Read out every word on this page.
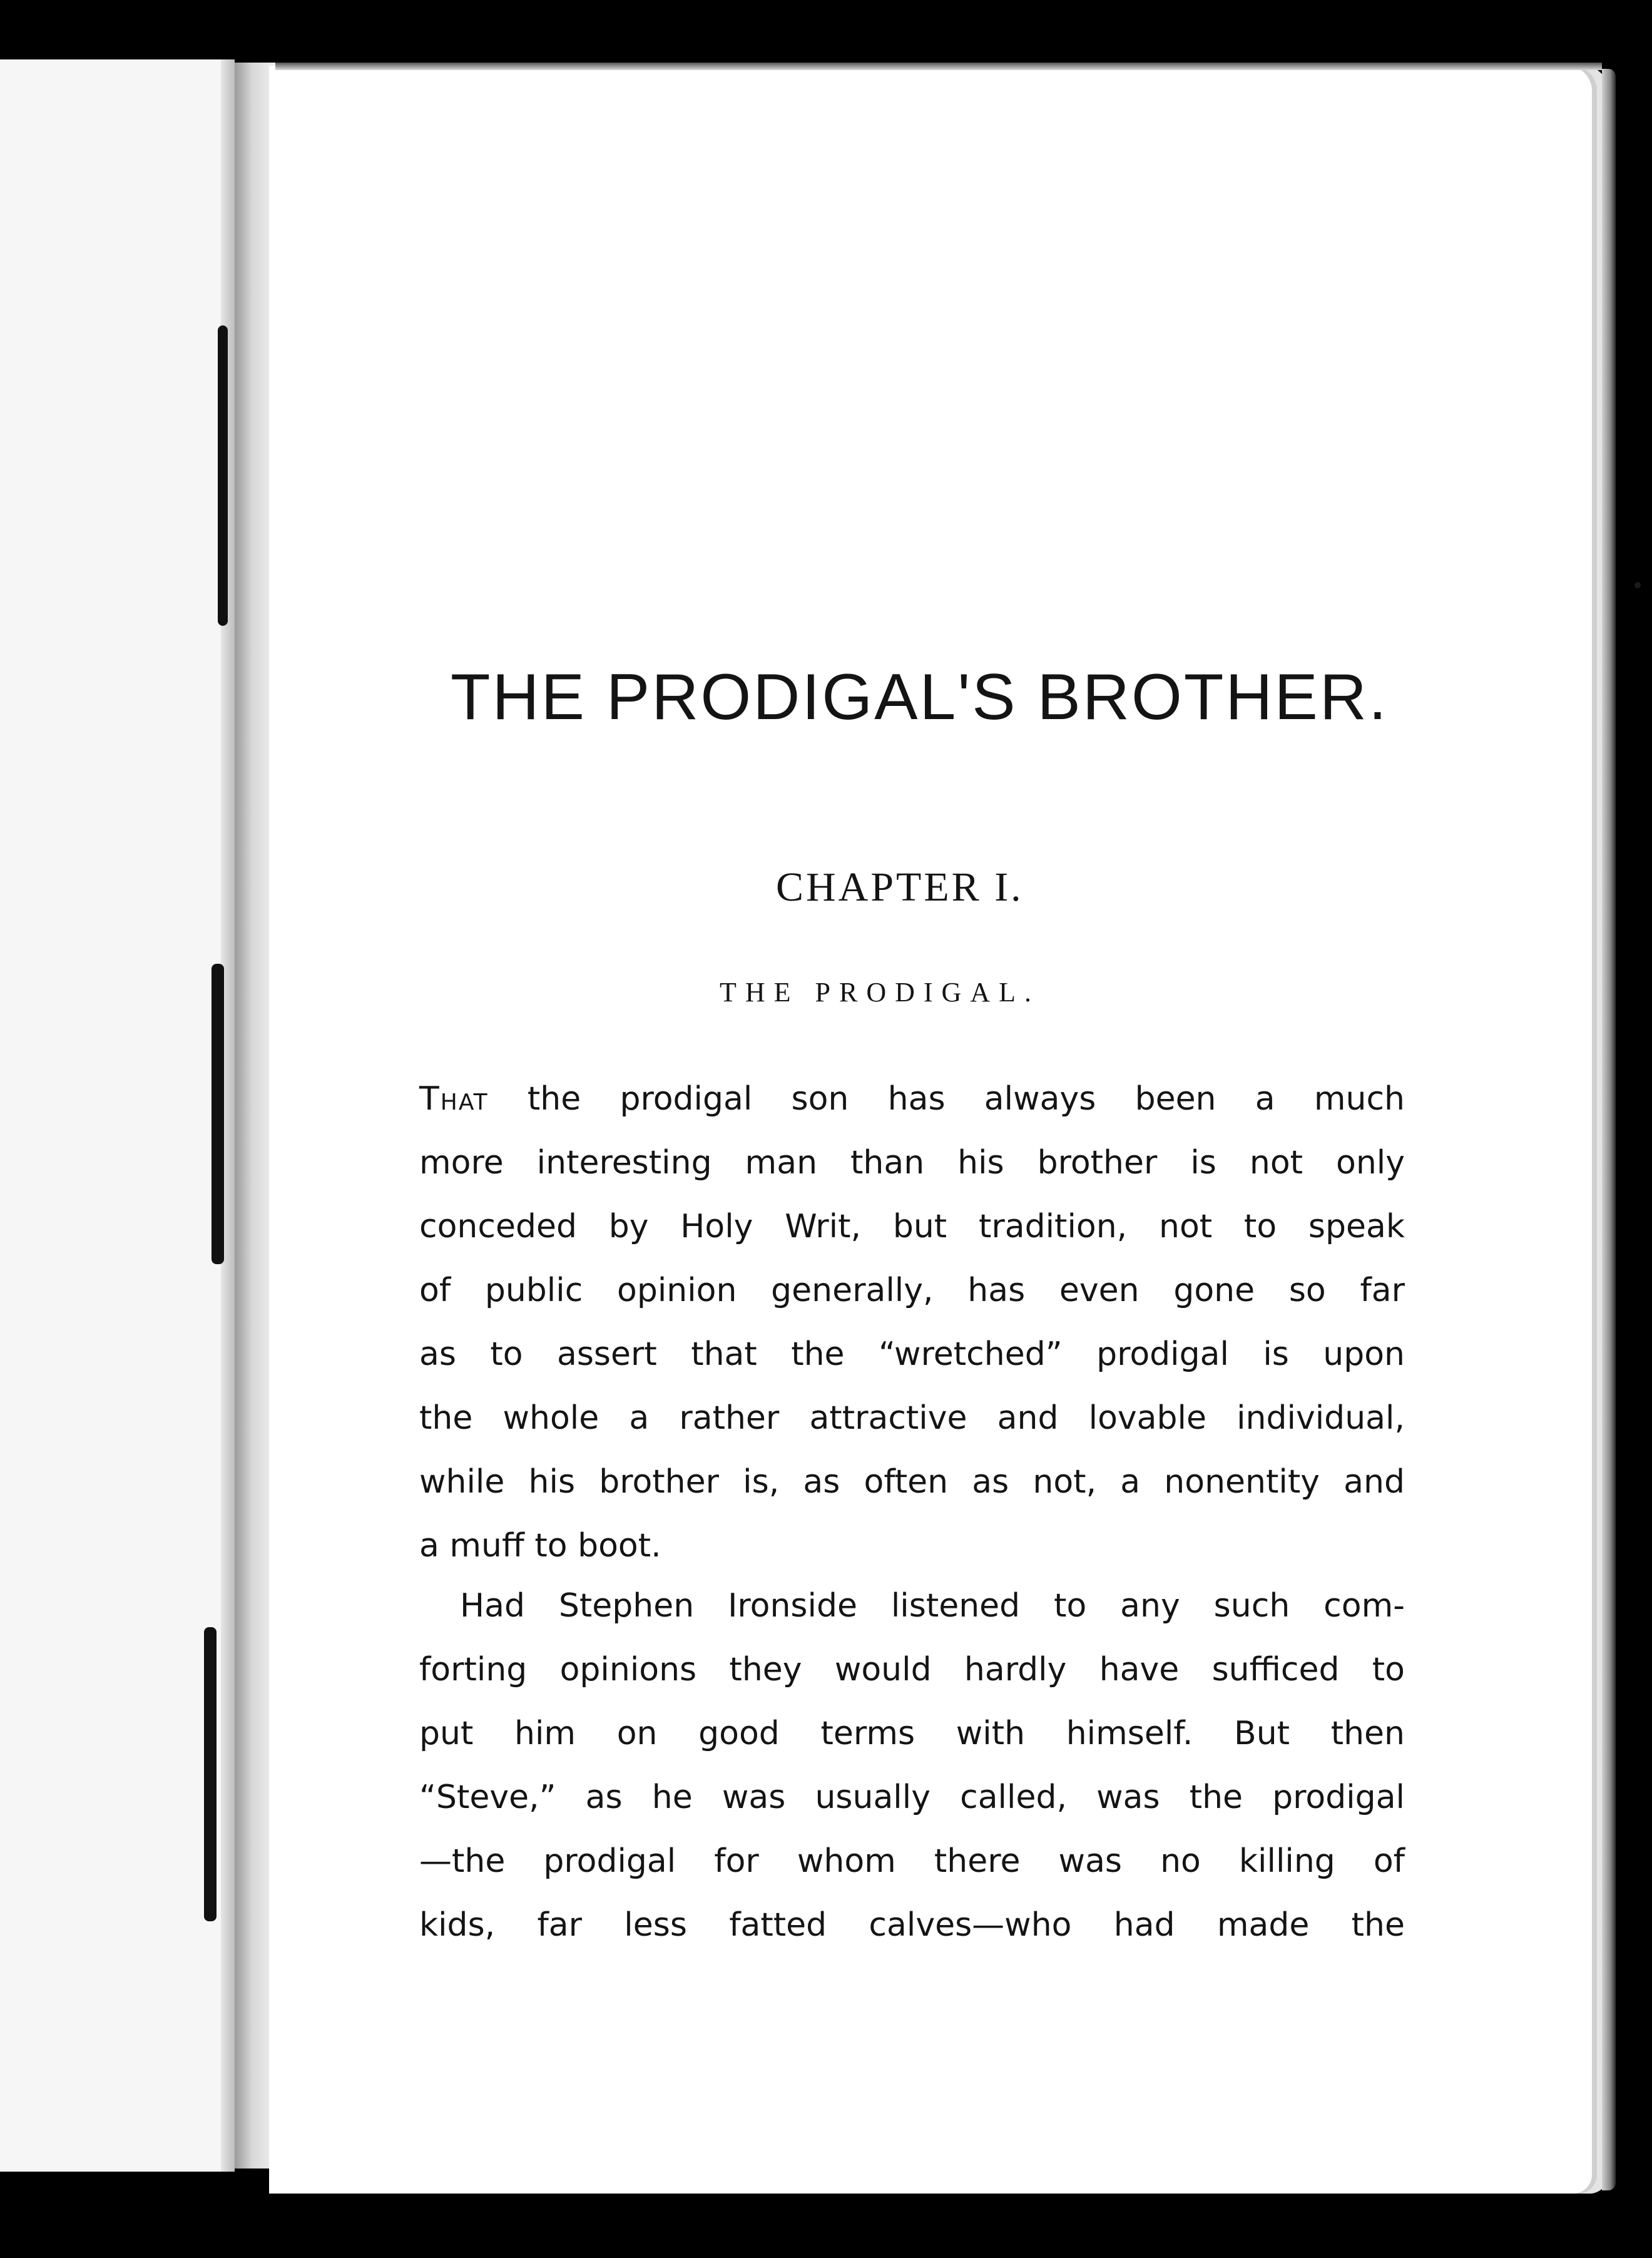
THE PRODIGAL'S BROTHER.
CHAPTER I.
THE PRODIGAL.
That the prodigal son has always been a much
more interesting man than his brother is not only
conceded by Holy Writ, but tradition, not to speak
of public opinion generally, has even gone so far
as to assert that the “wretched” prodigal is upon
the whole a rather attractive and lovable individual,
while his brother is, as often as not, a nonentity and
a muff to boot.
Had Stephen Ironside listened to any such com-
forting opinions they would hardly have sufficed to
put him on good terms with himself. But then
“Steve,” as he was usually called, was the prodigal
—the prodigal for whom there was no killing of
kids, far less fatted calves—who had made the
